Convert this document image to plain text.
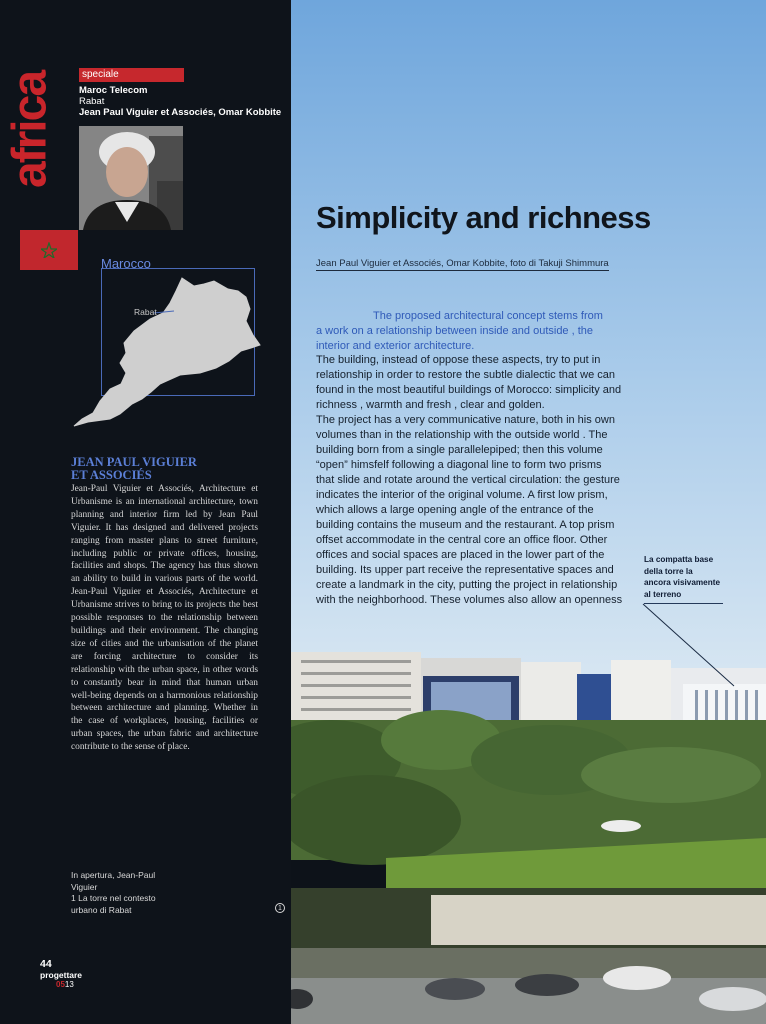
africa	speciale
Maroc Telecom
Rabat
Jean Paul Viguier et Associés, Omar Kobbite
Marocco
Rabat
JEAN PAUL VIGUIER
ET ASSOCIÉS
Jean-Paul Viguier et Associés, Architecture et Urbanisme is an international architecture, town planning and interior firm led by Jean Paul Viguier. It has designed and delivered projects ranging from master plans to street furniture, including public or private offices, housing, facilities and shops. The agency has thus shown an ability to build in various parts of the world. Jean-Paul Viguier et Associés, Architecture et Urbanisme strives to bring to its projects the best possible responses to the relationship between buildings and their environment. The changing size of cities and the urbanisation of the planet are forcing architecture to consider its relationship with the urban space, in other words to constantly bear in mind that human urban well-being depends on a harmonious relationship between architecture and planning. Whether in the case of workplaces, housing, facilities or urban spaces, the urban fabric and architecture contribute to the sense of place.
In apertura, Jean-Paul
Viguier
1 La torre nel contesto
urbano di Rabat	1
44
progettare
0513
Simplicity and richness
Jean Paul Viguier et Associés, Omar Kobbite, foto di Takuji Shimmura
The proposed architectural concept stems from
a work on a relationship between inside and outside , the
interior and exterior architecture.
The building, instead of oppose these aspects, try to put in
relationship in order to restore the subtle dialectic that we can
found in the most beautiful buildings of Morocco: simplicity and
richness , warmth and fresh , clear and golden.
The project has a very communicative nature, both in his own
volumes than in the relationship with the outside world . The
building born from a single parallelepiped; then this volume
“open” himsfelf following a diagonal line to form two prisms
that slide and rotate around the vertical circulation: the gesture
indicates the interior of the original volume. A first low prism,
which allows a large opening angle of the entrance of the
building contains the museum and the restaurant. A top prism
offset accommodate in the central core an office floor. Other
offices and social spaces are placed in the lower part of the
building. Its upper part receive the representative spaces and
create a landmark in the city, putting the project in relationship
with the neighborhood. These volumes also allow an openness
La compatta base
della torre la
ancora visivamente
al terreno
